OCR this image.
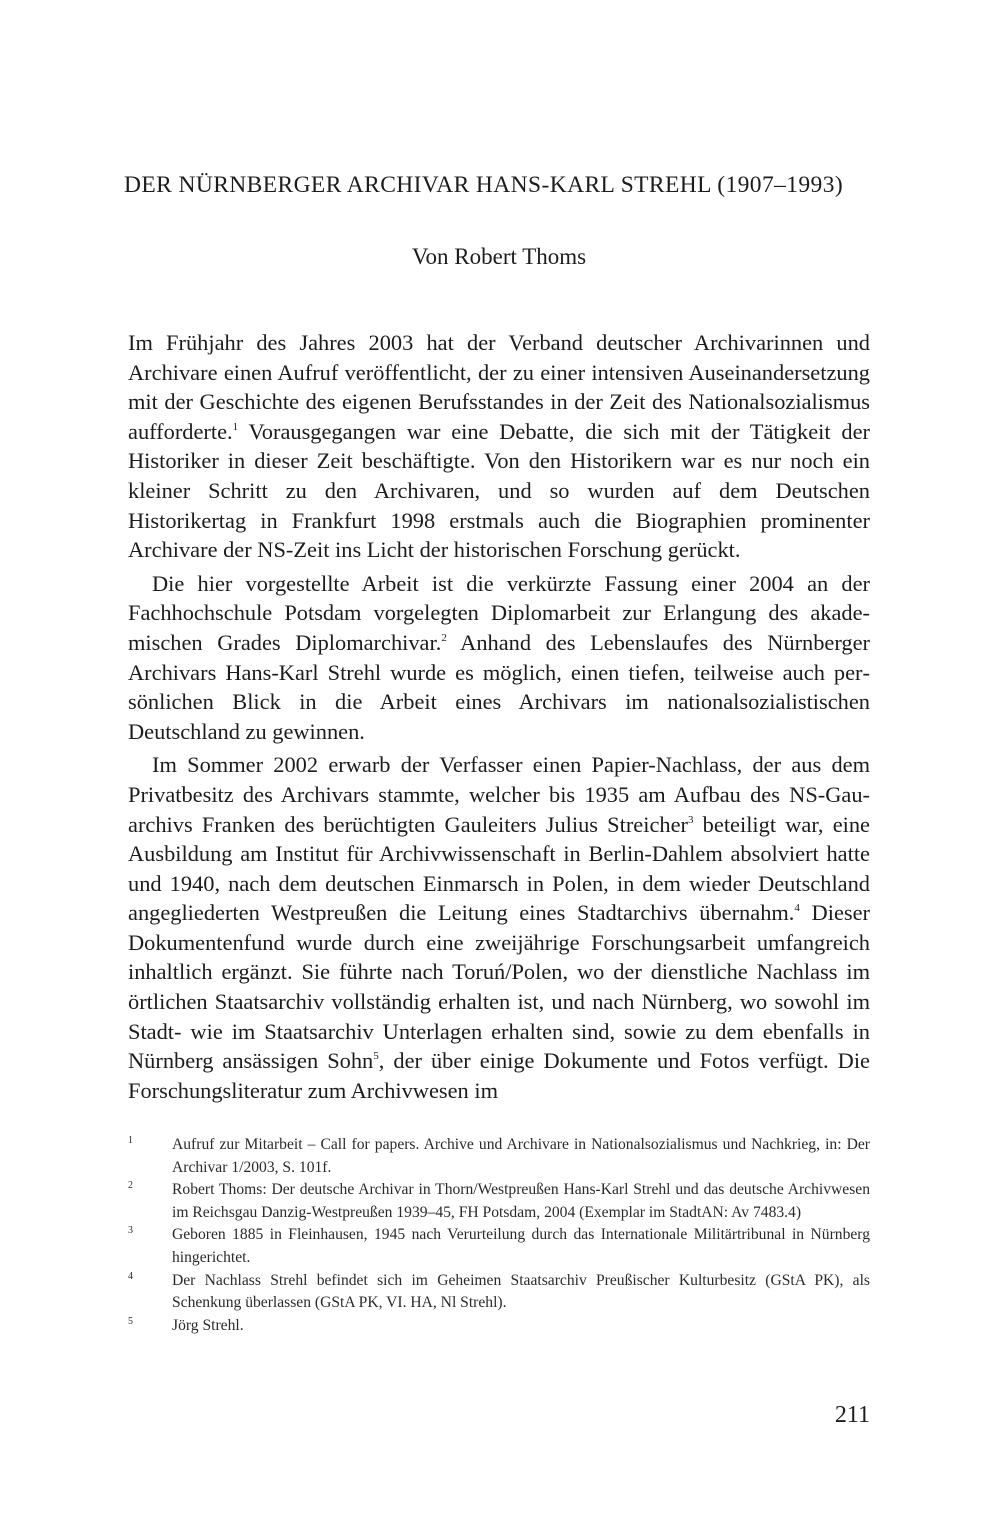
DER NÜRNBERGER ARCHIVAR HANS-KARL STREHL (1907–1993)

Von Robert Thoms

Im Frühjahr des Jahres 2003 hat der Verband deutscher Archivarinnen und Archivare einen Aufruf veröffentlicht, der zu einer intensiven Auseinandersetzung mit der Geschichte des eigenen Berufsstandes in der Zeit des Nationalsozialismus aufforderte.$^1$ Vorausgegangen war eine Debatte, die sich mit der Tätigkeit der Historiker in dieser Zeit beschäftigte. Von den Historikern war es nur noch ein kleiner Schritt zu den Archivaren, und so wurden auf dem Deutschen Historikertag in Frankfurt 1998 erstmals auch die Biographien prominenter Archivare der NS-Zeit ins Licht der historischen Forschung gerückt.

Die hier vorgestellte Arbeit ist die verkürzte Fassung einer 2004 an der Fachhochschule Potsdam vorgelegten Diplomarbeit zur Erlangung des akademischen Grades Diplomarchivar.$^2$ Anhand des Lebenslaufes des Nürnberger Archivars Hans-Karl Strehl wurde es möglich, einen tiefen, teilweise auch persönlichen Blick in die Arbeit eines Archivars im nationalsozialistischen Deutschland zu gewinnen.

Im Sommer 2002 erwarb der Verfasser einen Papier-Nachlass, der aus dem Privatbesitz des Archivars stammte, welcher bis 1935 am Aufbau des NS-Gauarchivs Franken des berüchtigten Gauleiters Julius Streicher$^3$ beteiligt war, eine Ausbildung am Institut für Archivwissenschaft in Berlin-Dahlem absolviert hatte und 1940, nach dem deutschen Einmarsch in Polen, in dem wieder Deutschland angegliederten Westpreußen die Leitung eines Stadtarchivs übernahm.$^4$ Dieser Dokumentenfund wurde durch eine zweijährige Forschungsarbeit umfangreich inhaltlich ergänzt. Sie führte nach Toruń/Polen, wo der dienstliche Nachlass im örtlichen Staatsarchiv vollständig erhalten ist, und nach Nürnberg, wo sowohl im Stadt- wie im Staatsarchiv Unterlagen erhalten sind, sowie zu dem ebenfalls in Nürnberg ansässigen Sohn$^5$, der über einige Dokumente und Fotos verfügt. Die Forschungsliteratur zum Archivwesen im

1	Aufruf zur Mitarbeit – Call for papers. Archive und Archivare in Nationalsozialismus und Nachkrieg, in: Der Archivar 1/2003, S. 101f.
2	Robert Thoms: Der deutsche Archivar in Thorn/Westpreußen Hans-Karl Strehl und das deutsche Archivwesen im Reichsgau Danzig-Westpreußen 1939–45, FH Potsdam, 2004 (Exemplar im StadtAN: Av 7483.4)
3	Geboren 1885 in Fleinhausen, 1945 nach Verurteilung durch das Internationale Militärtribunal in Nürnberg hingerichtet.
4	Der Nachlass Strehl befindet sich im Geheimen Staatsarchiv Preußischer Kulturbesitz (GStA PK), als Schenkung überlassen (GStA PK, VI. HA, Nl Strehl).
5	Jörg Strehl.

211
